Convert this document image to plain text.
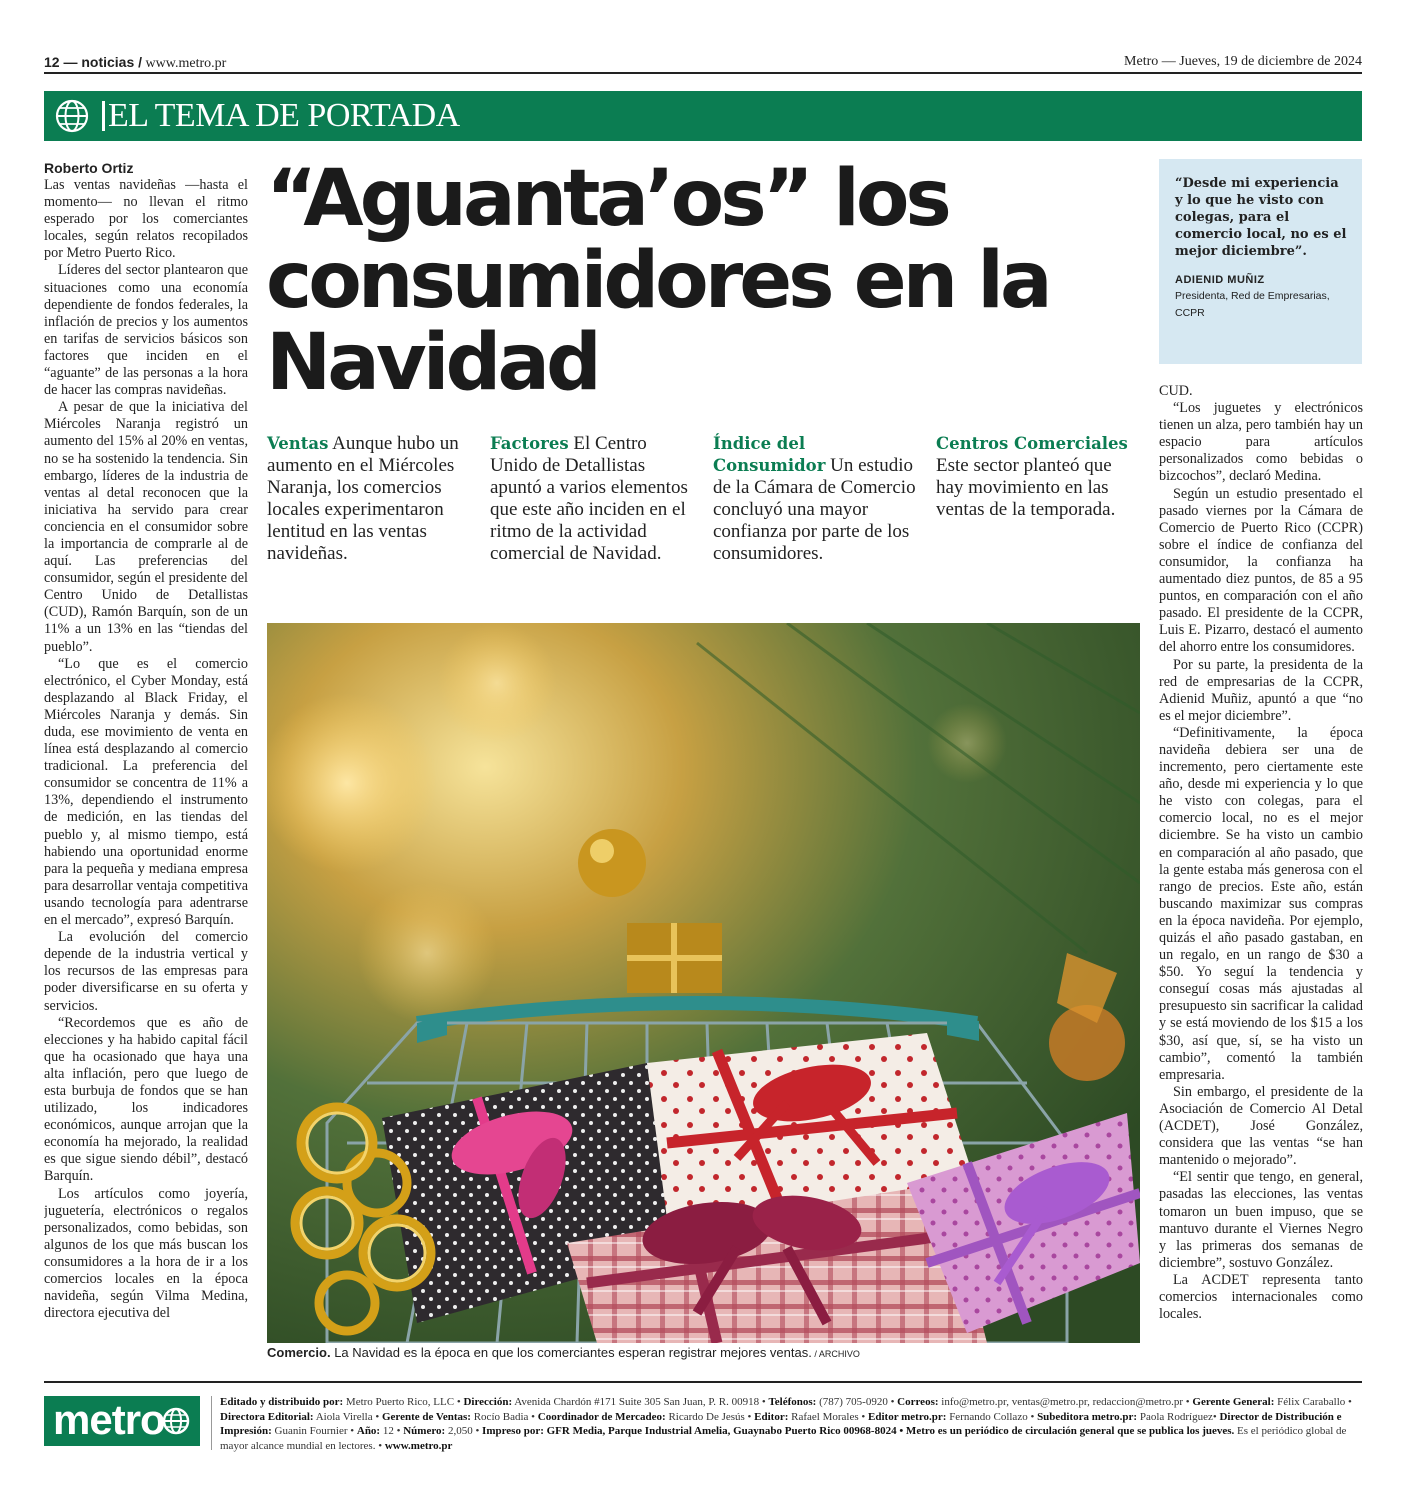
12 — noticias / www.metro.pr	Metro — Jueves, 19 de diciembre de 2024
EL TEMA DE PORTADA
Roberto Ortiz

Las ventas navideñas —hasta el momento— no llevan el ritmo esperado por los comerciantes locales, según relatos recopilados por Metro Puerto Rico.

Líderes del sector plantearon que situaciones como una economía dependiente de fondos federales, la inflación de precios y los aumentos en tarifas de servicios básicos son factores que inciden en el “aguante” de las personas a la hora de hacer las compras navideñas.

A pesar de que la iniciativa del Miércoles Naranja registró un aumento del 15% al 20% en ventas, no se ha sostenido la tendencia. Sin embargo, líderes de la industria de ventas al detal reconocen que la iniciativa ha servido para crear conciencia en el consumidor sobre la importancia de comprarle al de aquí. Las preferencias del consumidor, según el presidente del Centro Unido de Detallistas (CUD), Ramón Barquín, son de un 11% a un 13% en las “tiendas del pueblo”.

“Lo que es el comercio electrónico, el Cyber Monday, está desplazando al Black Friday, el Miércoles Naranja y demás. Sin duda, ese movimiento de venta en línea está desplazando al comercio tradicional. La preferencia del consumidor se concentra de 11% a 13%, dependiendo el instrumento de medición, en las tiendas del pueblo y, al mismo tiempo, está habiendo una oportunidad enorme para la pequeña y mediana empresa para desarrollar ventaja competitiva usando tecnología para adentrarse en el mercado”, expresó Barquín.

La evolución del comercio depende de la industria vertical y los recursos de las empresas para poder diversificarse en su oferta y servicios.

“Recordemos que es año de elecciones y ha habido capital fácil que ha ocasionado que haya una alta inflación, pero que luego de esta burbuja de fondos que se han utilizado, los indicadores económicos, aunque arrojan que la economía ha mejorado, la realidad es que sigue siendo débil”, destacó Barquín.

Los artículos como joyería, juguetería, electrónicos o regalos personalizados, como bebidas, son algunos de los que más buscan los consumidores a la hora de ir a los comercios locales en la época navideña, según Vilma Medina, directora ejecutiva del

“Aguanta’os” los consumidores en la Navidad
Ventas Aunque hubo un aumento en el Miércoles Naranja, los comercios locales experimentaron lentitud en las ventas navideñas.
Factores El Centro Unido de Detallistas apuntó a varios elementos que este año inciden en el ritmo de la actividad comercial de Navidad.
Índice del Consumidor Un estudio de la Cámara de Comercio concluyó una mayor confianza por parte de los consumidores.
Centros Comerciales Este sector planteó que hay movimiento en las ventas de la temporada.
Comercio. La Navidad es la época en que los comerciantes esperan registrar mejores ventas. / ARCHIVO
“Desde mi experiencia y lo que he visto con colegas, para el comercio local, no es el mejor diciembre”.
ADIENID MUÑIZ
Presidenta, Red de Empresarias, CCPR

CUD.

“Los juguetes y electrónicos tienen un alza, pero también hay un espacio para artículos personalizados como bebidas o bizcochos”, declaró Medina.

Según un estudio presentado el pasado viernes por la Cámara de Comercio de Puerto Rico (CCPR) sobre el índice de confianza del consumidor, la confianza ha aumentado diez puntos, de 85 a 95 puntos, en comparación con el año pasado. El presidente de la CCPR, Luis E. Pizarro, destacó el aumento del ahorro entre los consumidores.

Por su parte, la presidenta de la red de empresarias de la CCPR, Adienid Muñiz, apuntó a que “no es el mejor diciembre”.

“Definitivamente, la época navideña debiera ser una de incremento, pero ciertamente este año, desde mi experiencia y lo que he visto con colegas, para el comercio local, no es el mejor diciembre. Se ha visto un cambio en comparación al año pasado, que la gente estaba más generosa con el rango de precios. Este año, están buscando maximizar sus compras en la época navideña. Por ejemplo, quizás el año pasado gastaban, en un regalo, en un rango de $30 a $50. Yo seguí la tendencia y conseguí cosas más ajustadas al presupuesto sin sacrificar la calidad y se está moviendo de los $15 a los $30, así que, sí, se ha visto un cambio”, comentó la también empresaria.

Sin embargo, el presidente de la Asociación de Comercio Al Detal (ACDET), José González, considera que las ventas “se han mantenido o mejorado”.

“El sentir que tengo, en general, pasadas las elecciones, las ventas tomaron un buen impuso, que se mantuvo durante el Viernes Negro y las primeras dos semanas de diciembre”, sostuvo González.

La ACDET representa tanto comercios internacionales como locales.

metro	Editado y distribuido por: Metro Puerto Rico, LLC • Dirección: Avenida Chardón #171 Suite 305 San Juan, P. R. 00918 • Teléfonos: (787) 705-0920 • Correos: info@metro.pr, ventas@metro.pr, redaccion@metro.pr • Gerente General: Félix Caraballo • Directora Editorial: Aiola Virella • Gerente de Ventas: Rocío Badia • Coordinador de Mercadeo: Ricardo De Jesús • Editor: Rafael Morales • Editor metro.pr: Fernando Collazo • Subeditora metro.pr: Paola Rodríguez• Director de Distribución e Impresión: Guanin Fournier • Año: 12 • Número: 2,050 • Impreso por: GFR Media, Parque Industrial Amelia, Guaynabo Puerto Rico 00968-8024 • Metro es un periódico de circulación general que se publica los jueves. Es el periódico global de mayor alcance mundial en lectores. • www.metro.pr
